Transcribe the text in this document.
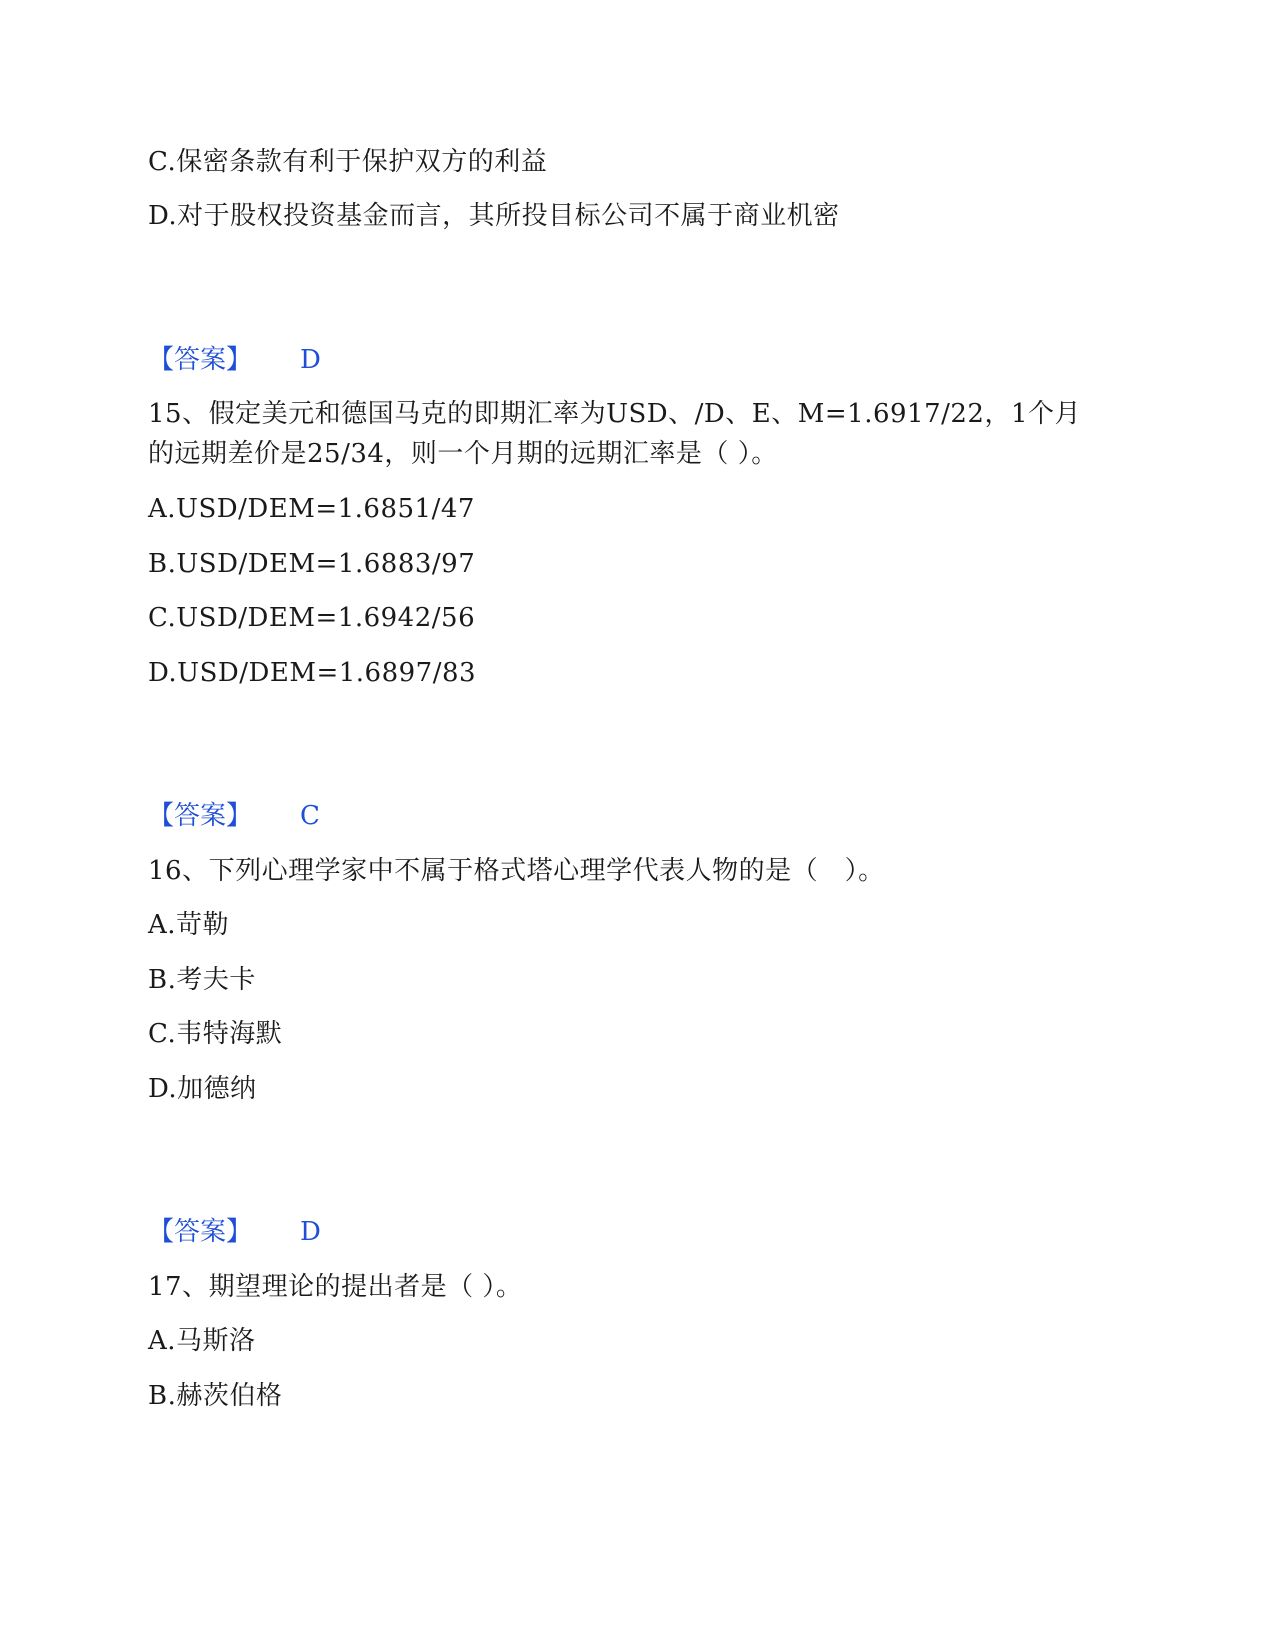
C.保密条款有利于保护双方的利益
D.对于股权投资基金而言，其所投目标公司不属于商业机密
【答案】 D
15、假定美元和德国马克的即期汇率为USD、/D、E、M=1.6917/22，1个月
的远期差价是25/34，则一个月期的远期汇率是（ ）。
A.USD/DEM=1.6851/47
B.USD/DEM=1.6883/97
C.USD/DEM=1.6942/56
D.USD/DEM=1.6897/83
【答案】 C
16、下列心理学家中不属于格式塔心理学代表人物的是（　）。
A.苛勒
B.考夫卡
C.韦特海默
D.加德纳
【答案】 D
17、期望理论的提出者是（ ）。
A.马斯洛
B.赫茨伯格
